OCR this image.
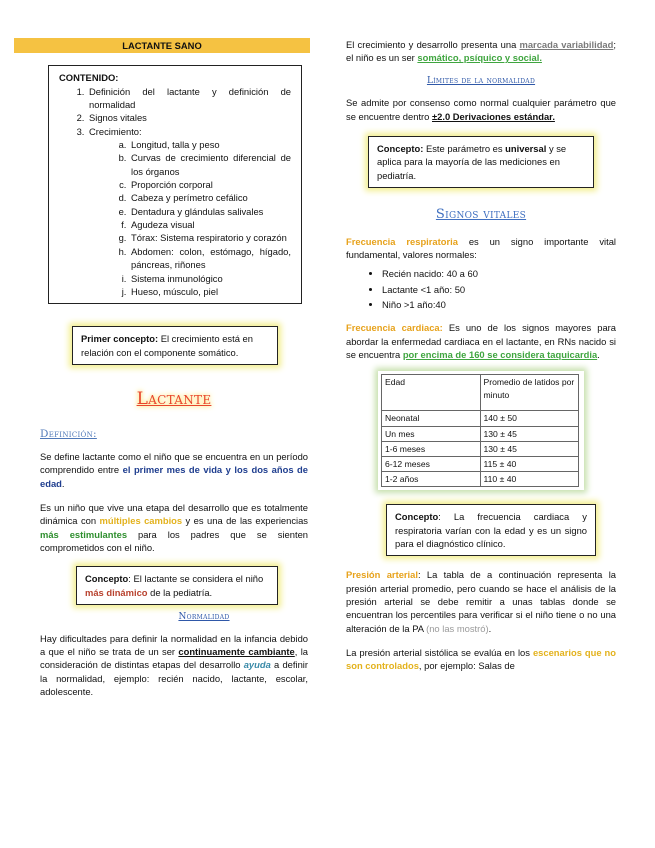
LACTANTE SANO
CONTENIDO:
1. Definición del lactante y definición de normalidad
2. Signos vitales
3. Crecimiento:
a. Longitud, talla y peso
b. Curvas de crecimiento diferencial de los órganos
c. Proporción corporal
d. Cabeza y perímetro cefálico
e. Dentadura y glándulas salivales
f. Agudeza visual
g. Tórax: Sistema respiratorio y corazón
h. Abdomen: colon, estómago, hígado, páncreas, riñones
i. Sistema inmunológico
j. Hueso, músculo, piel
Primer concepto: El crecimiento está en relación con el componente somático.
Lactante
Definición:

Se define lactante como el niño que se encuentra en un período comprendido entre el primer mes de vida y los dos años de edad.

Es un niño que vive una etapa del desarrollo que es totalmente dinámica con múltiples cambios y es una de las experiencias más estimulantes para los padres que se sienten comprometidos con el niño.

Concepto: El lactante se considera el niño más dinámico de la pediatría.
Normalidad

Hay dificultades para definir la normalidad en la infancia debido a que el niño se trata de un ser continuamente cambiante, la consideración de distintas etapas del desarrollo ayuda a definir la normalidad, ejemplo: recién nacido, lactante, escolar, adolescente.

El crecimiento y desarrollo presenta una marcada variabilidad; el niño es un ser somático, psíquico y social.

Límites de la normalidad

Se admite por consenso como normal cualquier parámetro que se encuentre dentro ±2.0 Derivaciones estándar.

Concepto: Este parámetro es universal y se aplica para la mayoría de las mediciones en pediatría.
Signos vitales

Frecuencia respiratoria es un signo importante vital fundamental, valores normales:

• Recién nacido: 40 a 60
• Lactante <1 año: 50
• Niño >1 año:40

Frecuencia cardiaca: Es uno de los signos mayores para abordar la enfermedad cardiaca en el lactante, en RNs nacido si se encuentra por encima de 160 se considera taquicardia.

Edad	Promedio de latidos por minuto
Neonatal	140 ± 50
Un mes	130 ± 45
1-6 meses	130 ± 45
6-12 meses	115 ± 40
1-2 años	110 ± 40
Concepto: La frecuencia cardiaca y respiratoria varían con la edad y es un signo para el diagnóstico clínico.

Presión arterial: La tabla de a continuación representa la presión arterial promedio, pero cuando se hace el análisis de la presión arterial se debe remitir a unas tablas donde se encuentran los percentiles para verificar si el niño tiene o no una alteración de la PA (no las mostró).

La presión arterial sistólica se evalúa en los escenarios que no son controlados, por ejemplo: Salas de
